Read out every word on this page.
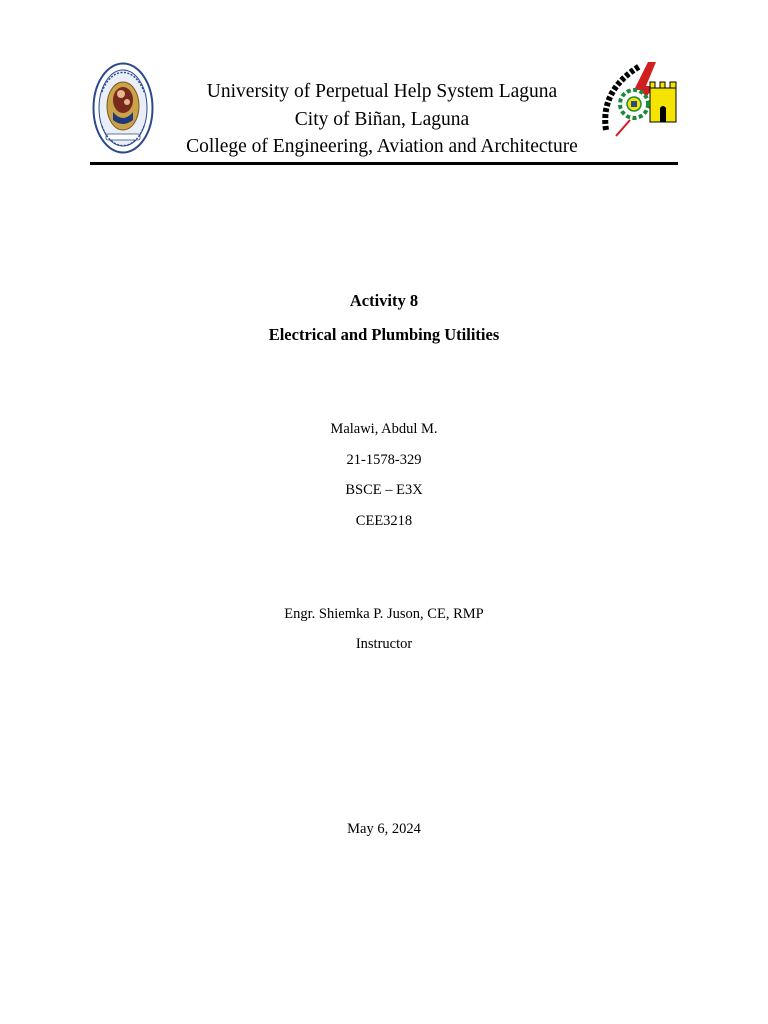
University of Perpetual Help System Laguna
City of Biñan, Laguna
College of Engineering, Aviation and Architecture
Activity 8
Electrical and Plumbing Utilities
Malawi, Abdul M.
21-1578-329
BSCE – E3X
CEE3218
Engr. Shiemka P. Juson, CE, RMP
Instructor
May 6, 2024
